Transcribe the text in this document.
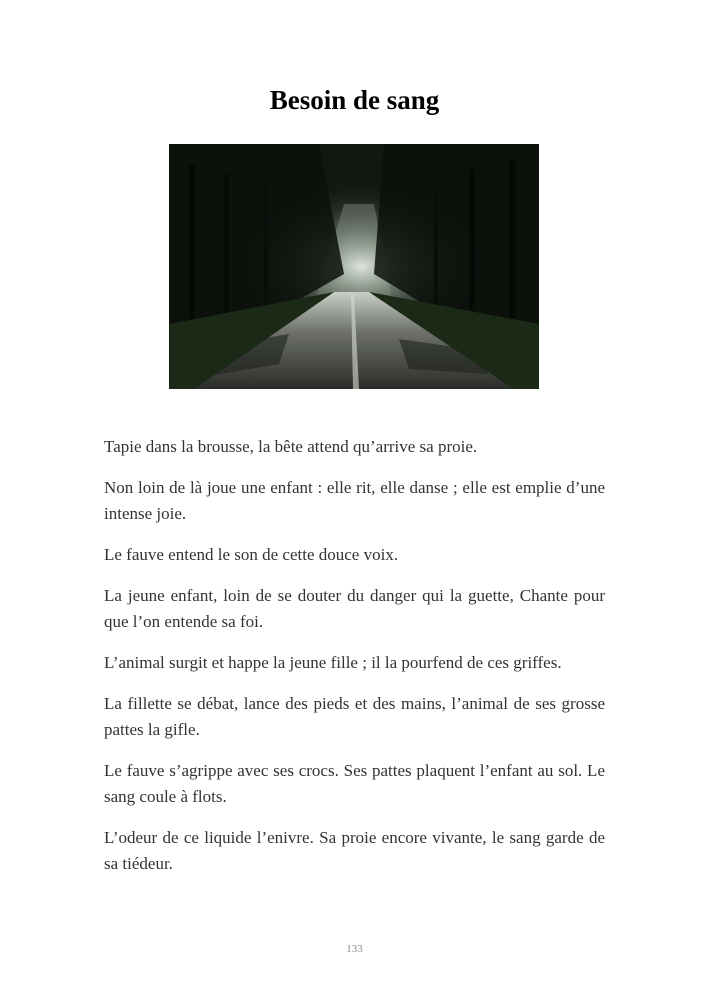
Besoin de sang

Tapie dans la brousse, la bête attend qu’arrive sa proie.

Non loin de là joue une enfant : elle rit, elle danse ; elle est emplie d’une intense joie.

Le fauve entend le son de cette douce voix.

La jeune enfant, loin de se douter du danger qui la guette, Chante pour que l’on entende sa foi.

L’animal surgit et happe la jeune fille ; il la pourfend de ces griffes.

La fillette se débat, lance des pieds et des mains, l’animal de ses grosse pattes la gifle.

Le fauve s’agrippe avec ses crocs. Ses pattes plaquent l’enfant au sol. Le sang coule à flots.

L’odeur de ce liquide l’enivre. Sa proie encore vivante, le sang garde de sa tiédeur.

133
